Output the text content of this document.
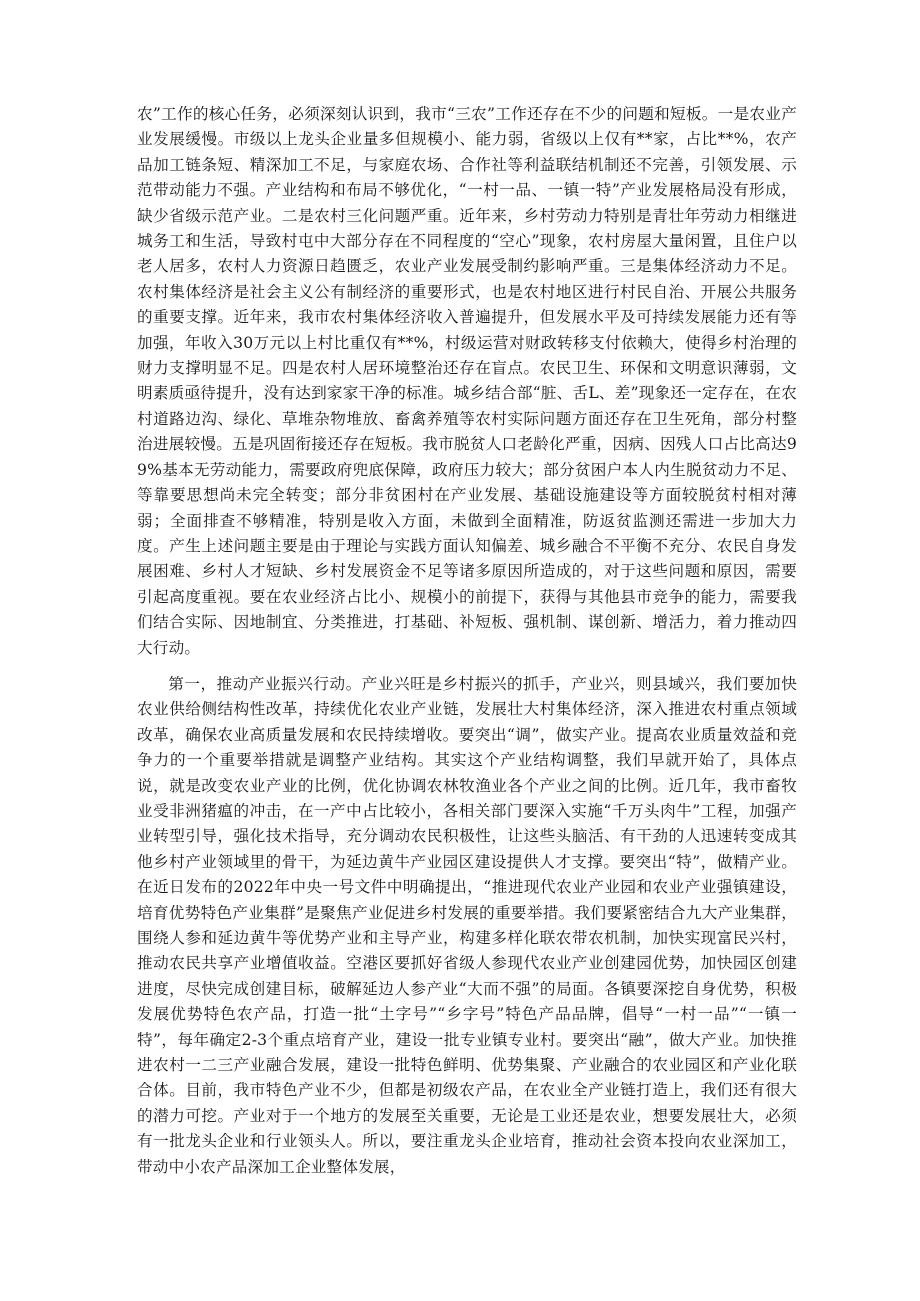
农”工作的核心任务，必须深刻认识到，我市“三农”工作还存在不少的问题和短板。一是农业产业发展缓慢。市级以上龙头企业量多但规模小、能力弱，省级以上仅有**家，占比**%，农产品加工链条短、精深加工不足，与家庭农场、合作社等利益联结机制还不完善，引领发展、示范带动能力不强。产业结构和布局不够优化，“一村一品、一镇一特”产业发展格局没有形成，缺少省级示范产业。二是农村三化问题严重。近年来，乡村劳动力特别是青壮年劳动力相继进城务工和生活，导致村屯中大部分存在不同程度的“空心”现象，农村房屋大量闲置，且住户以老人居多，农村人力资源日趋匮乏，农业产业发展受制约影响严重。三是集体经济动力不足。农村集体经济是社会主义公有制经济的重要形式，也是农村地区进行村民自治、开展公共服务的重要支撑。近年来，我市农村集体经济收入普遍提升，但发展水平及可持续发展能力还有等加强，年收入30万元以上村比重仅有**%，村级运营对财政转移支付依赖大，使得乡村治理的财力支撑明显不足。四是农村人居环境整治还存在盲点。农民卫生、环保和文明意识薄弱，文明素质亟待提升，没有达到家家干净的标准。城乡结合部“脏、舌L、差”现象还一定存在，在农村道路边沟、绿化、草堆杂物堆放、畜禽养殖等农村实际问题方面还存在卫生死角，部分村整治进展较慢。五是巩固衔接还存在短板。我市脱贫人口老龄化严重，因病、因残人口占比高达99%基本无劳动能力，需要政府兜底保障，政府压力较大；部分贫困户本人内生脱贫动力不足、等靠要思想尚未完全转变；部分非贫困村在产业发展、基础设施建设等方面较脱贫村相对薄弱；全面排查不够精准，特别是收入方面，未做到全面精准，防返贫监测还需进一步加大力度。产生上述问题主要是由于理论与实践方面认知偏差、城乡融合不平衡不充分、农民自身发展困难、乡村人才短缺、乡村发展资金不足等诸多原因所造成的，对于这些问题和原因，需要引起高度重视。要在农业经济占比小、规模小的前提下，获得与其他县市竞争的能力，需要我们结合实际、因地制宜、分类推进，打基础、补短板、强机制、谋创新、增活力，着力推动四大行动。

第一，推动产业振兴行动。产业兴旺是乡村振兴的抓手，产业兴，则县域兴，我们要加快农业供给侧结构性改革，持续优化农业产业链，发展壮大村集体经济，深入推进农村重点领域改革，确保农业高质量发展和农民持续增收。要突出“调”，做实产业。提高农业质量效益和竞争力的一个重要举措就是调整产业结构。其实这个产业结构调整，我们早就开始了，具体点说，就是改变农业产业的比例，优化协调农林牧渔业各个产业之间的比例。近几年，我市畜牧业受非洲猪瘟的冲击，在一产中占比较小，各相关部门要深入实施“千万头肉牛”工程，加强产业转型引导，强化技术指导，充分调动农民积极性，让这些头脑活、有干劲的人迅速转变成其他乡村产业领域里的骨干，为延边黄牛产业园区建设提供人才支撑。要突出“特”，做精产业。在近日发布的2022年中央一号文件中明确提出，“推进现代农业产业园和农业产业强镇建设，培育优势特色产业集群”是聚焦产业促进乡村发展的重要举措。我们要紧密结合九大产业集群，围绕人参和延边黄牛等优势产业和主导产业，构建多样化联农带农机制，加快实现富民兴村，推动农民共享产业增值收益。空港区要抓好省级人参现代农业产业创建园优势，加快园区创建进度，尽快完成创建目标，破解延边人参产业“大而不强”的局面。各镇要深挖自身优势，积极发展优势特色农产品，打造一批“土字号”“乡字号”特色产品品牌，倡导“一村一品”“一镇一特”，每年确定2-3个重点培育产业，建设一批专业镇专业村。要突出“融”，做大产业。加快推进农村一二三产业融合发展，建设一批特色鲜明、优势集聚、产业融合的农业园区和产业化联合体。目前，我市特色产业不少，但都是初级农产品，在农业全产业链打造上，我们还有很大的潜力可挖。产业对于一个地方的发展至关重要，无论是工业还是农业，想要发展壮大，必须有一批龙头企业和行业领头人。所以，要注重龙头企业培育，推动社会资本投向农业深加工，带动中小农产品深加工企业整体发展，
